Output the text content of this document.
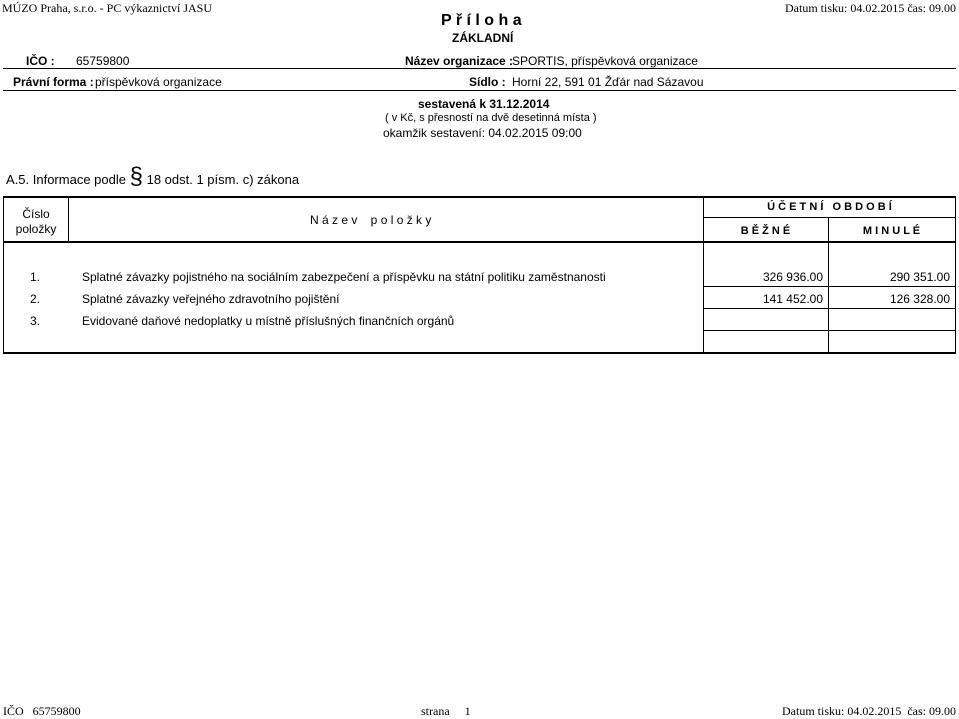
MÚZO Praha, s.r.o. - PC výkaznictví JASU	Datum tisku: 04.02.2015 čas: 09.00
P ř í l o h a
ZÁKLADNÍ
IČO : 65759800	Název organizace :
SPORTIS, příspěvková organizace
Právní forma : příspěvková organizace	Sídlo : Horní 22, 591 01 Žďár nad Sázavou
sestavená k 31.12.2014
( v Kč, s přesností na dvě desetinná místa )
okamžik sestavení: 04.02.2015 09:00
A.5. Informace podle § 18 odst. 1 písm. c) zákona
Číslo
položky
N á z e v    p o l o ž k y
Ú Č E T N Í   O B D O B Í
B Ě Ž N É	M I N U L É
1.	Splatné závazky pojistného na sociálním zabezpečení a příspěvku na státní politiku zaměstnanosti	326 936.00	290 351.00
2.	Splatné závazky veřejného zdravotního pojištění	141 452.00	126 328.00
3.	Evidované daňové nedoplatky u místně příslušných finančních orgánů
IČO   65759800	strana     1	Datum tisku: 04.02.2015  čas: 09.00
